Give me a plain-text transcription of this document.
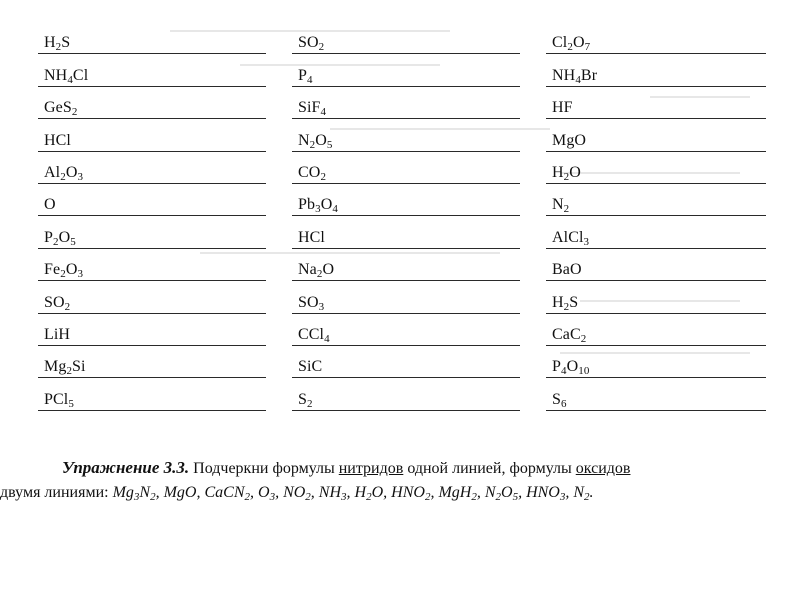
$H_2S$
$NH_4Cl$
GeS$_2$
HCl
$Al_2O_3$
O
$P_2O_5$
$Fe_2O_3$
$SO_2$
LiH
$Mg_2Si$
PCl$_5$
$SO_2$
$P_4$
SiF$_4$
$N_2O_5$
$CO_2$
$Pb_3O_4$
HCl
$Na_2O$
$SO_3$
CCl$_4$
SiC
$S_2$
$Cl_2O_7$
$NH_4Br$
HF
MgO
$H_2O$
$N_2$
AlCl$_3$
BaO
$H_2S$
CaC$_2$
$P_4O_{10}$
$S_6$
Упражнение 3.3. Подчеркни формулы нитридов одной линией, формулы оксидов
двумя линиями: $Mg_3N_2$, MgO, CaCN$_2$, $O_3$, $NO_2$, $NH_3$, $H_2O$, $HNO_2$, MgH$_2$, $N_2O_5$, $HNO_3$, $N_2$.
